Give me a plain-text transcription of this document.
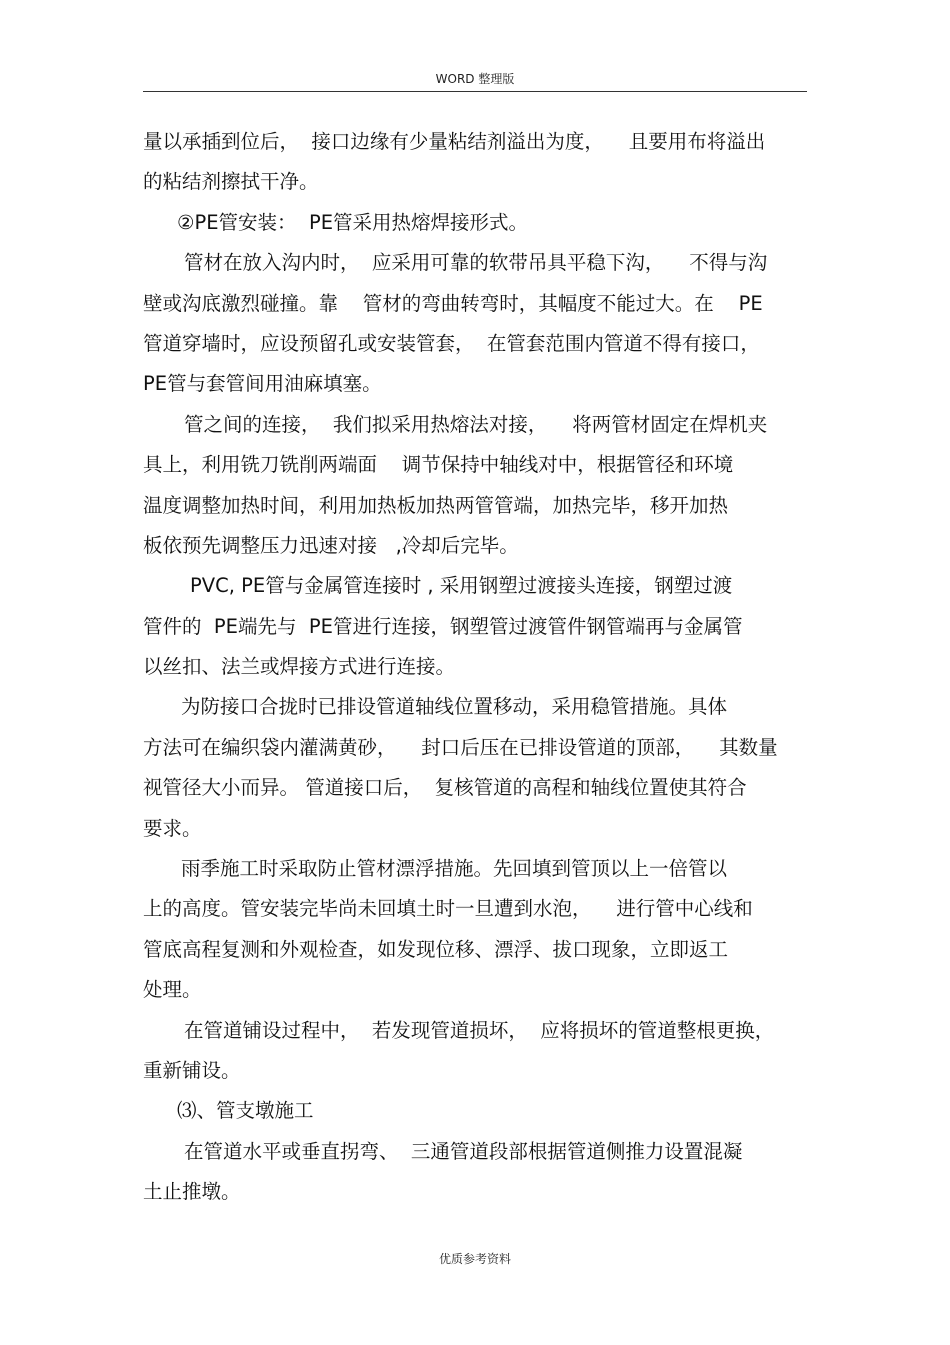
WORD 整理版
量以承插到位后，  接口边缘有少量粘结剂溢出为度，    且要用布将溢出
的粘结剂擦拭干净。
②PE管安装：  PE管采用热熔焊接形式。
管材在放入沟内时，  应采用可靠的软带吊具平稳下沟，    不得与沟
壁或沟底激烈碰撞。靠    管材的弯曲转弯时，其幅度不能过大。在    PE
管道穿墙时，应设预留孔或安装管套，  在管套范围内管道不得有接口，
PE管与套管间用油麻填塞。
管之间的连接，  我们拟采用热熔法对接，    将两管材固定在焊机夹
具上，利用铣刀铣削两端面    调节保持中轴线对中，根据管径和环境
温度调整加热时间，利用加热板加热两管管端，加热完毕，移开加热
板依预先调整压力迅速对接   ,冷却后完毕。
PVC, PE管与金属管连接时 , 采用钢塑过渡接头连接，钢塑过渡
管件的  PE端先与  PE管进行连接，钢塑管过渡管件钢管端再与金属管
以丝扣、法兰或焊接方式进行连接。
为防接口合拢时已排设管道轴线位置移动，采用稳管措施。具体
方法可在编织袋内灌满黄砂，    封口后压在已排设管道的顶部，    其数量
视管径大小而异。 管道接口后，  复核管道的高程和轴线位置使其符合
要求。
雨季施工时采取防止管材漂浮措施。先回填到管顶以上一倍管以
上的高度。管安装完毕尚未回填土时一旦遭到水泡，    进行管中心线和
管底高程复测和外观检查，如发现位移、漂浮、拔口现象，立即返工
处理。
在管道铺设过程中，  若发现管道损坏，  应将损坏的管道整根更换，
重新铺设。
⑶、管支墩施工
在管道水平或垂直拐弯、  三通管道段部根据管道侧推力设置混凝
土止推墩。
优质参考资料
